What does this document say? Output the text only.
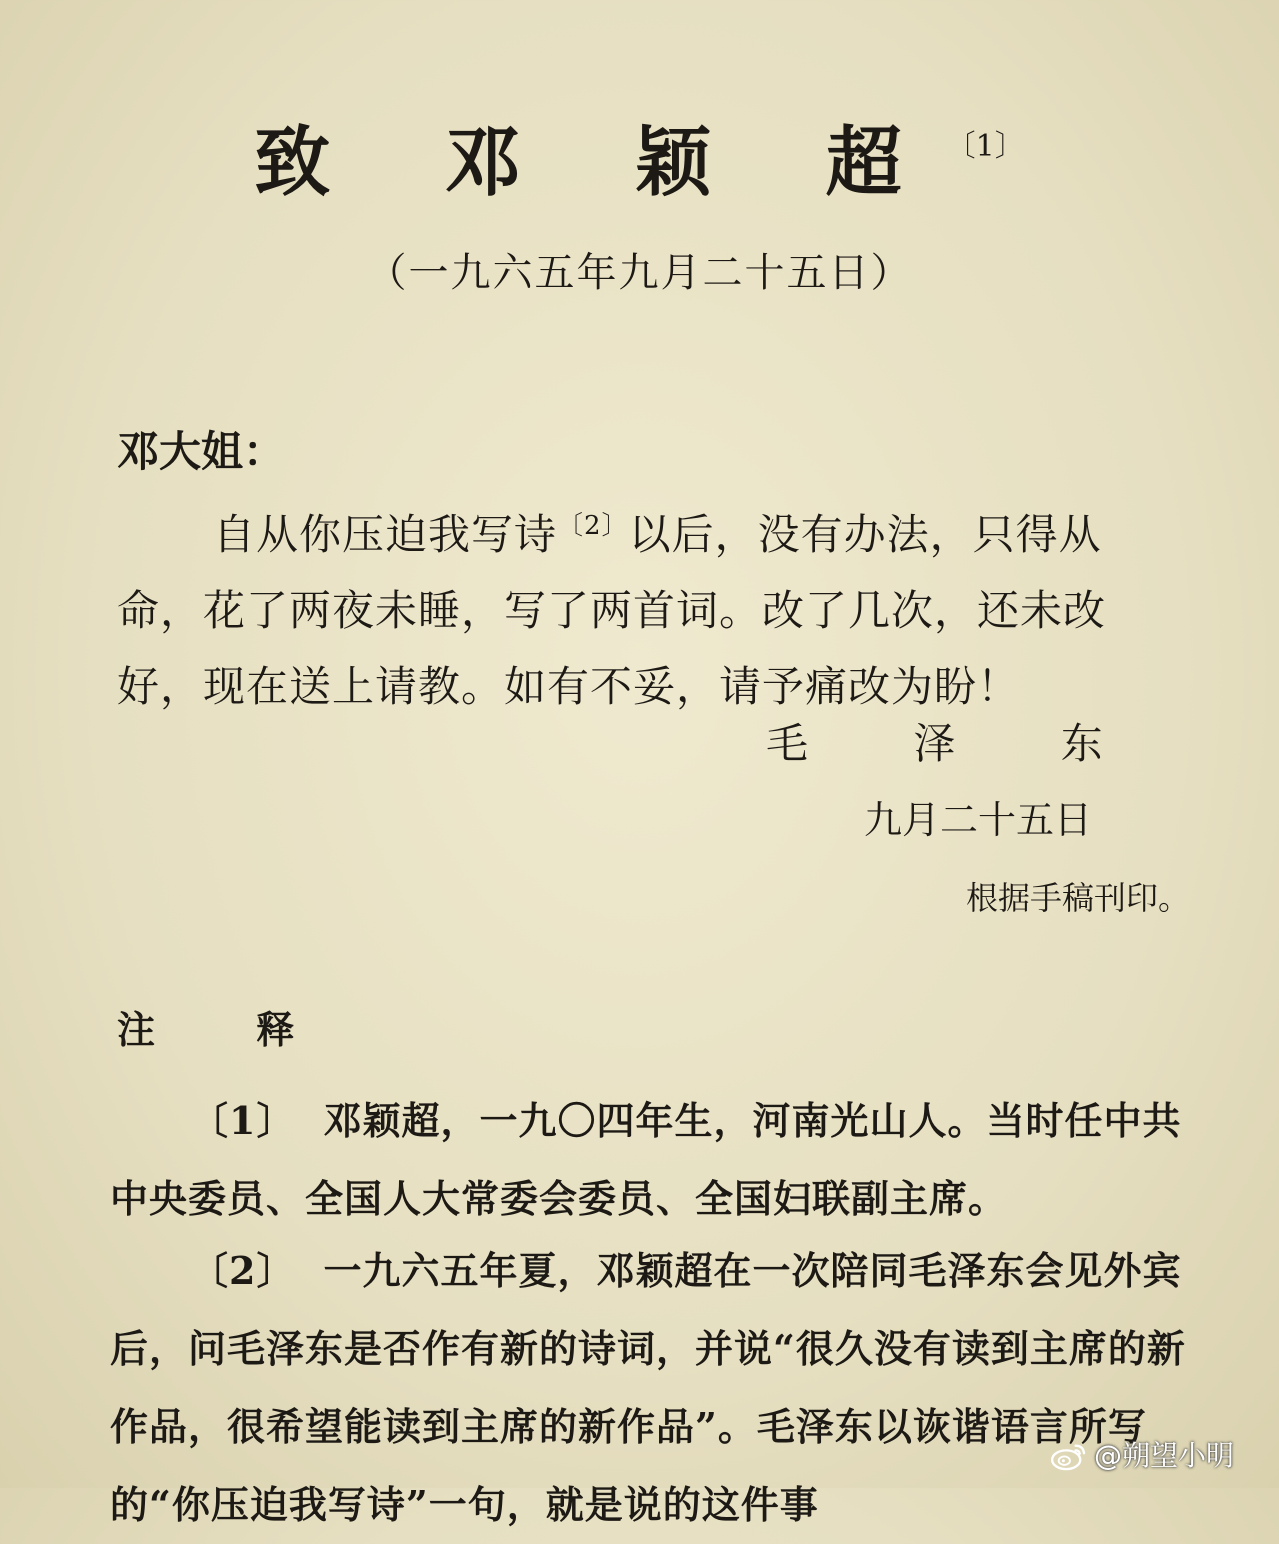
致 邓 颖 超$^{〔1〕}$
（一九六五年九月二十五日）
邓大姐：
自从你压迫我写诗$^{〔2〕}$以后，没有办法，只得从命，花了两夜未睡，写了两首词。改了几次，还未改好，现在送上请教。如有不妥，请予痛改为盼！
毛 泽 东
九月二十五日
根据手稿刊印。
注 释
〔1〕 邓颖超，一九〇四年生，河南光山人。当时任中共中央委员、全国人大常委会委员、全国妇联副主席。
〔2〕 一九六五年夏，邓颖超在一次陪同毛泽东会见外宾后，问毛泽东是否作有新的诗词，并说“很久没有读到主席的新作品，很希望能读到主席的新作品”。毛泽东以诙谐语言所写的“你压迫我写诗”一句，就是说的这件事
@朔望小明
